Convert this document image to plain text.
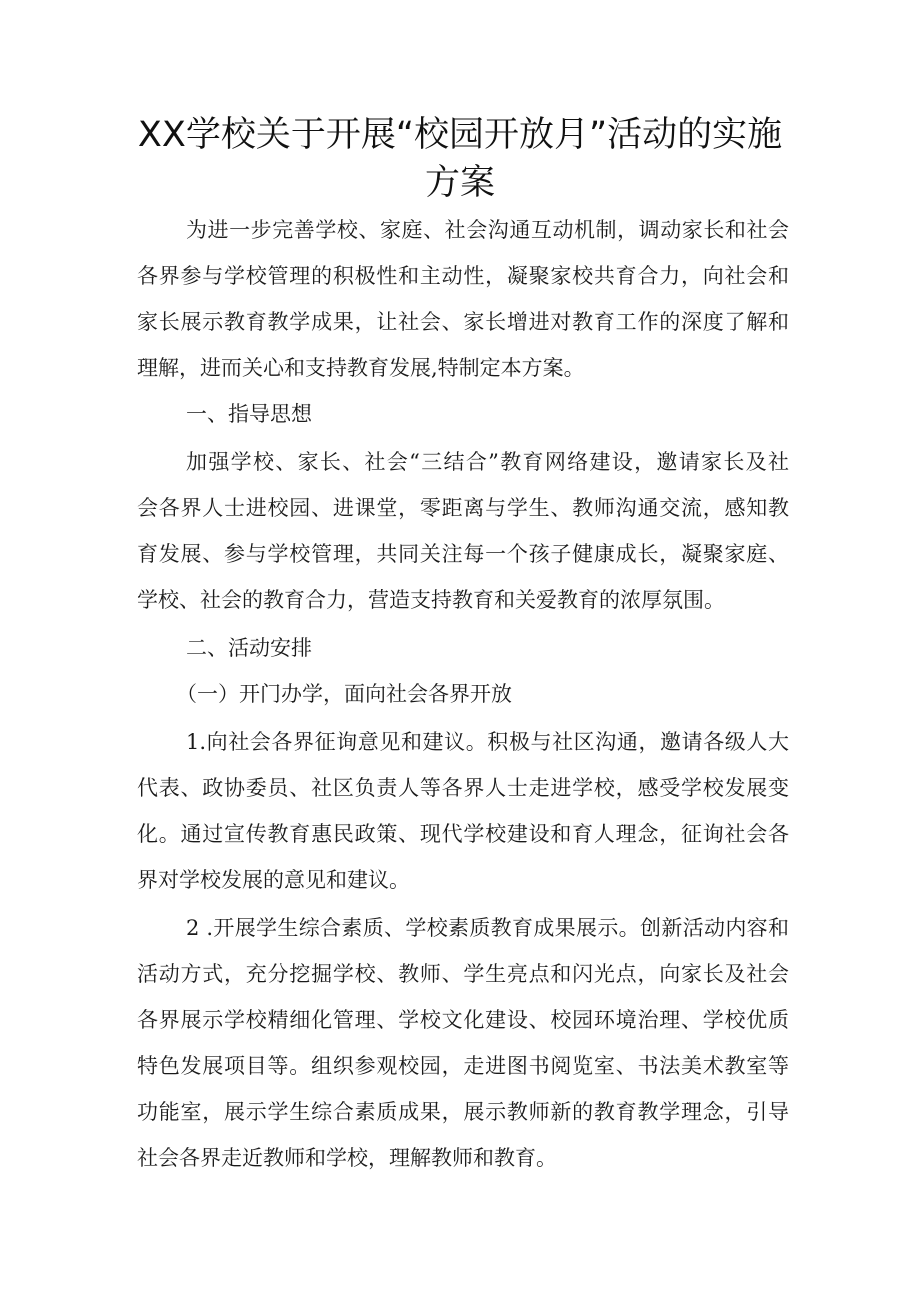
XX学校关于开展“校园开放月”活动的实施
方案

为进一步完善学校、家庭、社会沟通互动机制，调动家长和社会

各界参与学校管理的积极性和主动性，凝聚家校共育合力，向社会和

家长展示教育教学成果，让社会、家长增进对教育工作的深度了解和

理解，进而关心和支持教育发展,特制定本方案。

一、指导思想

加强学校、家长、社会“三结合”教育网络建设，邀请家长及社

会各界人士进校园、进课堂，零距离与学生、教师沟通交流，感知教

育发展、参与学校管理，共同关注每一个孩子健康成长，凝聚家庭、

学校、社会的教育合力，营造支持教育和关爱教育的浓厚氛围。

二、活动安排

（一）开门办学，面向社会各界开放

1.向社会各界征询意见和建议。积极与社区沟通，邀请各级人大

代表、政协委员、社区负责人等各界人士走进学校，感受学校发展变

化。通过宣传教育惠民政策、现代学校建设和育人理念，征询社会各

界对学校发展的意见和建议。

2 .开展学生综合素质、学校素质教育成果展示。创新活动内容和

活动方式，充分挖掘学校、教师、学生亮点和闪光点，向家长及社会

各界展示学校精细化管理、学校文化建设、校园环境治理、学校优质

特色发展项目等。组织参观校园，走进图书阅览室、书法美术教室等

功能室，展示学生综合素质成果，展示教师新的教育教学理念，引导

社会各界走近教师和学校，理解教师和教育。
